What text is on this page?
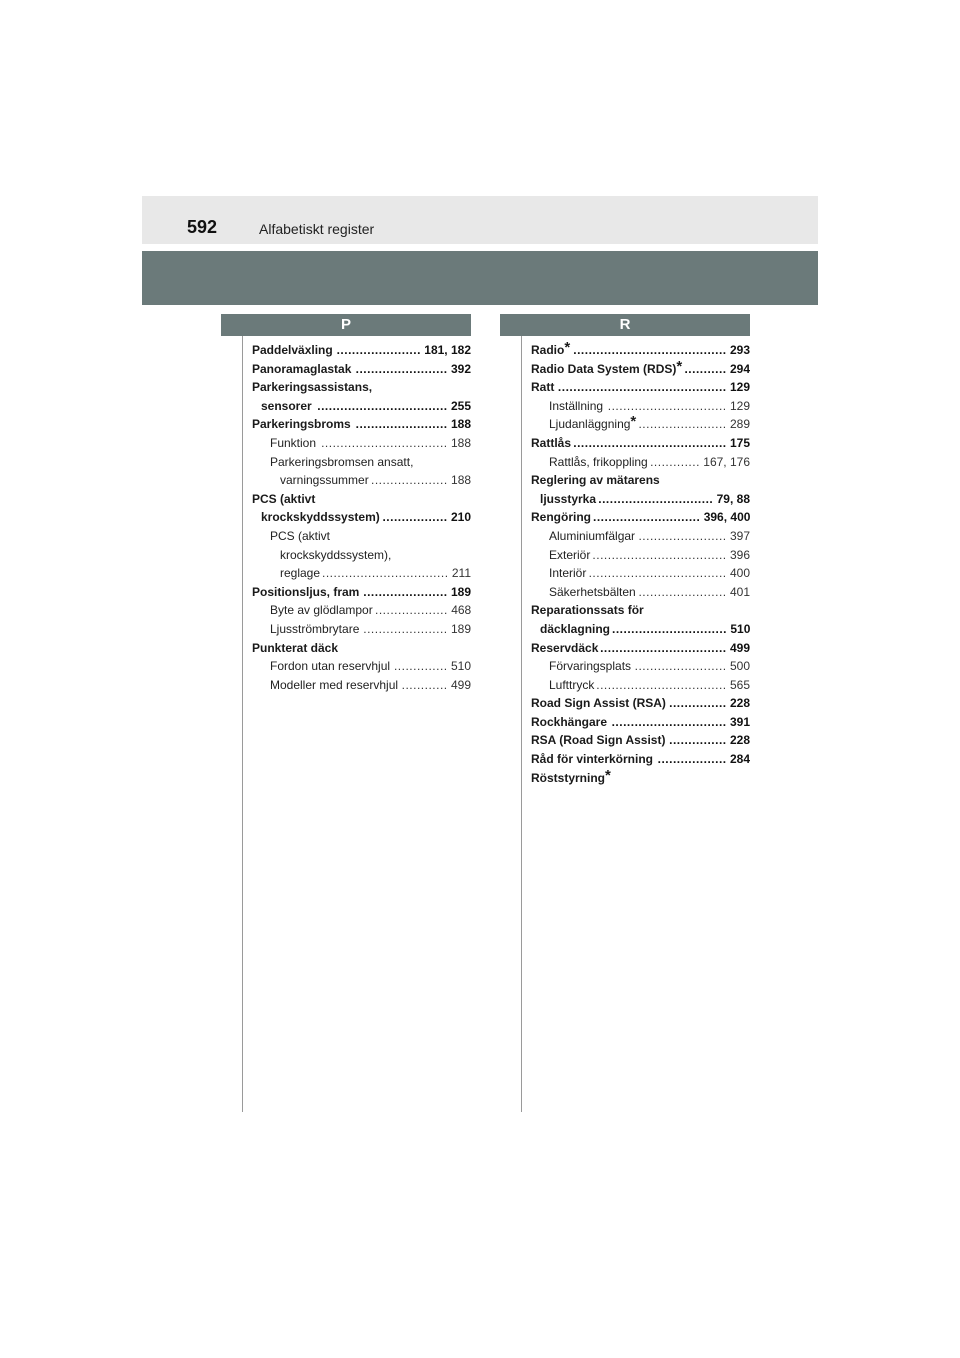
592	Alfabetiskt register
P	R
Paddelväxling ...................... 181, 182
Panoramaglastak ........................ 392
Parkeringsassistans,
sensorer .................................. 255
Parkeringsbroms ........................ 188
Funktion ................................. 188
Parkeringsbromsen ansatt,
varningssummer .................... 188
PCS (aktivt
krockskyddssystem) ................. 210
PCS (aktivt
krockskyddssystem),
reglage ................................. 211
Positionsljus, fram ...................... 189
Byte av glödlampor ................... 468
Ljusströmbrytare ...................... 189
Punkterat däck
Fordon utan reservhjul .............. 510
Modeller med reservhjul ............ 499
Radio* ........................................ 293
Radio Data System (RDS)* ........... 294
Ratt ............................................ 129
Inställning ............................... 129
Ljudanläggning* ....................... 289
Rattlås ........................................ 175
Rattlås, frikoppling ............. 167, 176
Reglering av mätarens
ljusstyrka .............................. 79, 88
Rengöring ............................ 396, 400
Aluminiumfälgar ....................... 397
Exteriör ................................... 396
Interiör .................................... 400
Säkerhetsbälten ....................... 401
Reparationssats för
däcklagning .............................. 510
Reservdäck ................................. 499
Förvaringsplats ........................ 500
Lufttryck .................................. 565
Road Sign Assist (RSA) ............... 228
Rockhängare .............................. 391
RSA (Road Sign Assist) ............... 228
Råd för vinterkörning .................. 284
Röststyrning*
